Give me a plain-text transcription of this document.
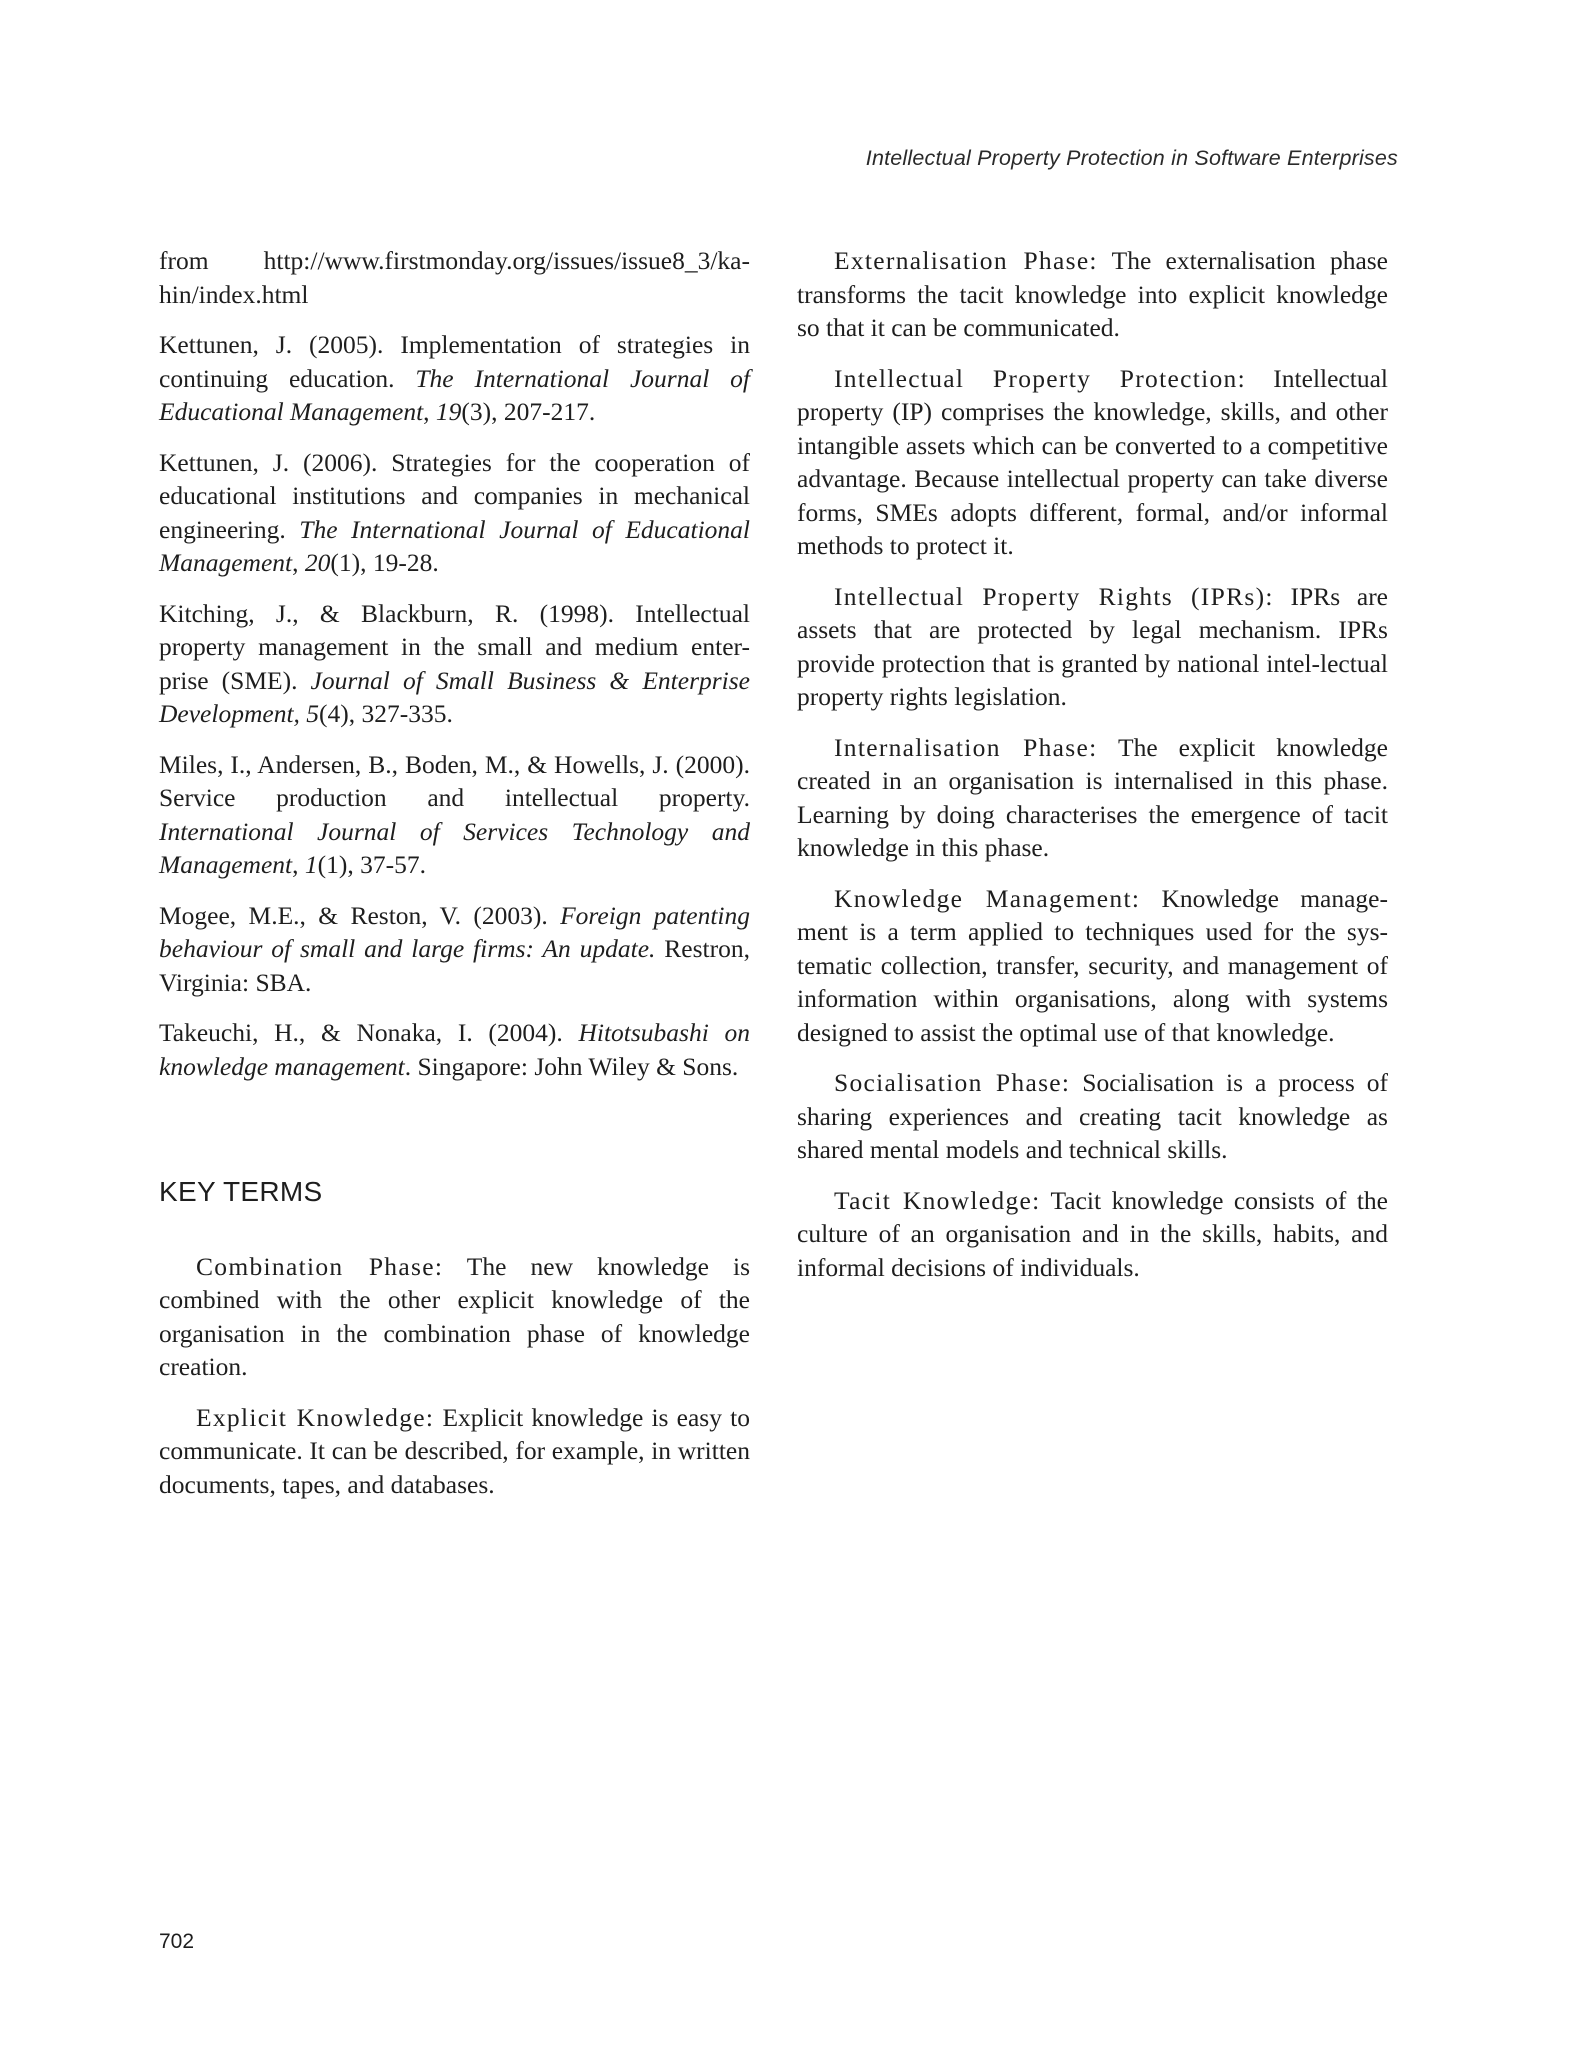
Intellectual Property Protection in Software Enterprises

from http://www.firstmonday.org/issues/issue8_3/ka-hin/index.html

Kettunen, J. (2005). Implementation of strategies in continuing education. The International Journal of Educational Management, 19(3), 207-217.

Kettunen, J. (2006). Strategies for the cooperation of educational institutions and companies in mechanical engineering. The International Journal of Educational Management, 20(1), 19-28.

Kitching, J., & Blackburn, R. (1998). Intellectual property management in the small and medium enter-prise (SME). Journal of Small Business & Enterprise Development, 5(4), 327-335.

Miles, I., Andersen, B., Boden, M., & Howells, J. (2000). Service production and intellectual property. International Journal of Services Technology and Management, 1(1), 37-57.

Mogee, M.E., & Reston, V. (2003). Foreign patenting behaviour of small and large firms: An update. Restron, Virginia: SBA.

Takeuchi, H., & Nonaka, I. (2004). Hitotsubashi on knowledge management. Singapore: John Wiley & Sons.

KEY TERMS

Combination Phase: The new knowledge is combined with the other explicit knowledge of the organisation in the combination phase of knowledge creation.

Explicit Knowledge: Explicit knowledge is easy to communicate. It can be described, for example, in written documents, tapes, and databases.

Externalisation Phase: The externalisation phase transforms the tacit knowledge into explicit knowledge so that it can be communicated.

Intellectual Property Protection: Intellectual property (IP) comprises the knowledge, skills, and other intangible assets which can be converted to a competitive advantage. Because intellectual property can take diverse forms, SMEs adopts different, formal, and/or informal methods to protect it.

Intellectual Property Rights (IPRs): IPRs are assets that are protected by legal mechanism. IPRs provide protection that is granted by national intel-lectual property rights legislation.

Internalisation Phase: The explicit knowledge created in an organisation is internalised in this phase. Learning by doing characterises the emergence of tacit knowledge in this phase.

Knowledge Management: Knowledge manage-ment is a term applied to techniques used for the sys-tematic collection, transfer, security, and management of information within organisations, along with systems designed to assist the optimal use of that knowledge.

Socialisation Phase: Socialisation is a process of sharing experiences and creating tacit knowledge as shared mental models and technical skills.

Tacit Knowledge: Tacit knowledge consists of the culture of an organisation and in the skills, habits, and informal decisions of individuals.

702
